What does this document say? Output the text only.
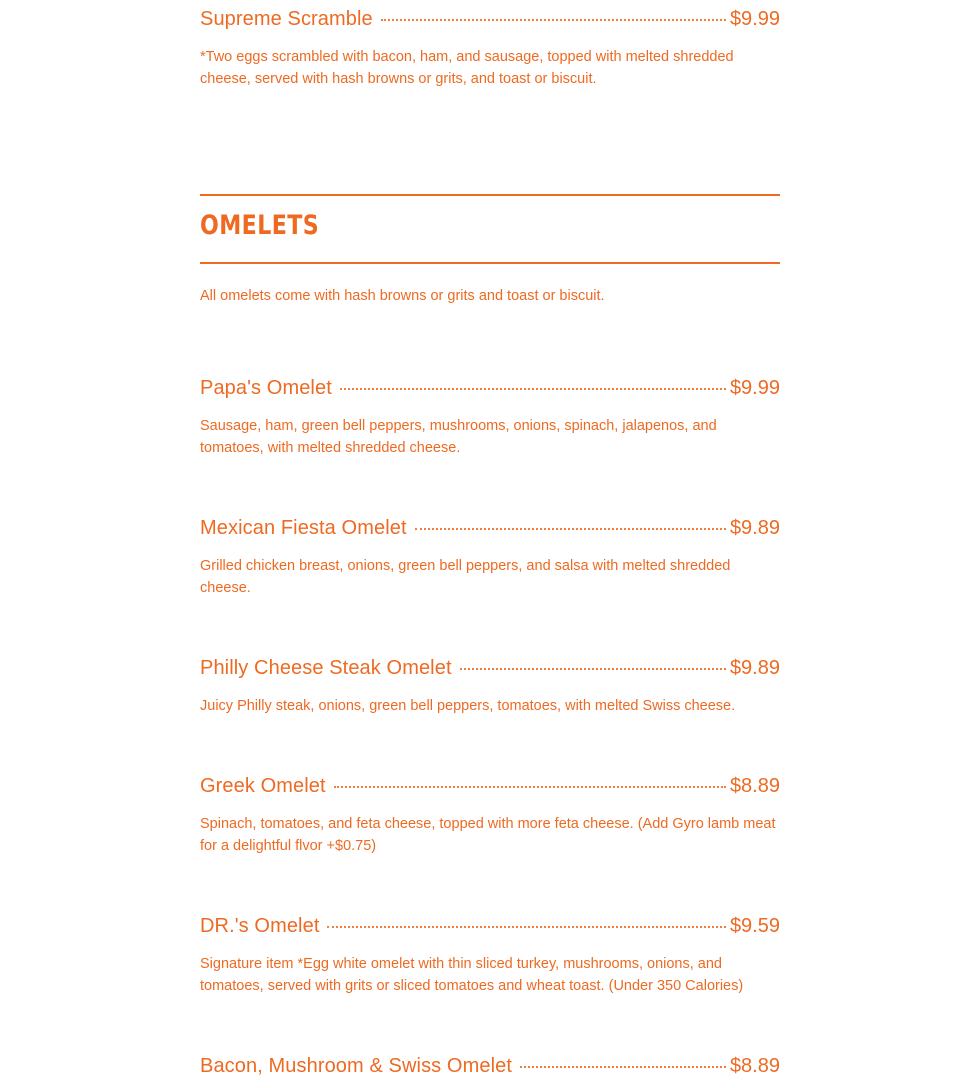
Supreme Scramble	$9.99

*Two eggs scrambled with bacon, ham, and sausage, topped with melted shredded cheese, served with hash browns or grits, and toast or biscuit.

OMELETS

All omelets come with hash browns or grits and toast or biscuit.

Papa's Omelet	$9.99

Sausage, ham, green bell peppers, mushrooms, onions, spinach, jalapenos, and tomatoes, with melted shredded cheese.

Mexican Fiesta Omelet	$9.89

Grilled chicken breast, onions, green bell peppers, and salsa with melted shredded cheese.

Philly Cheese Steak Omelet	$9.89

Juicy Philly steak, onions, green bell peppers, tomatoes, with melted Swiss cheese.

Greek Omelet	$8.89

Spinach, tomatoes, and feta cheese, topped with more feta cheese. (Add Gyro lamb meat for a delightful flvor +$0.75)

DR.'s Omelet	$9.59

Signature item *Egg white omelet with thin sliced turkey, mushrooms, onions, and tomatoes, served with grits or sliced tomatoes and wheat toast. (Under 350 Calories)

Bacon, Mushroom & Swiss Omelet	$8.89
